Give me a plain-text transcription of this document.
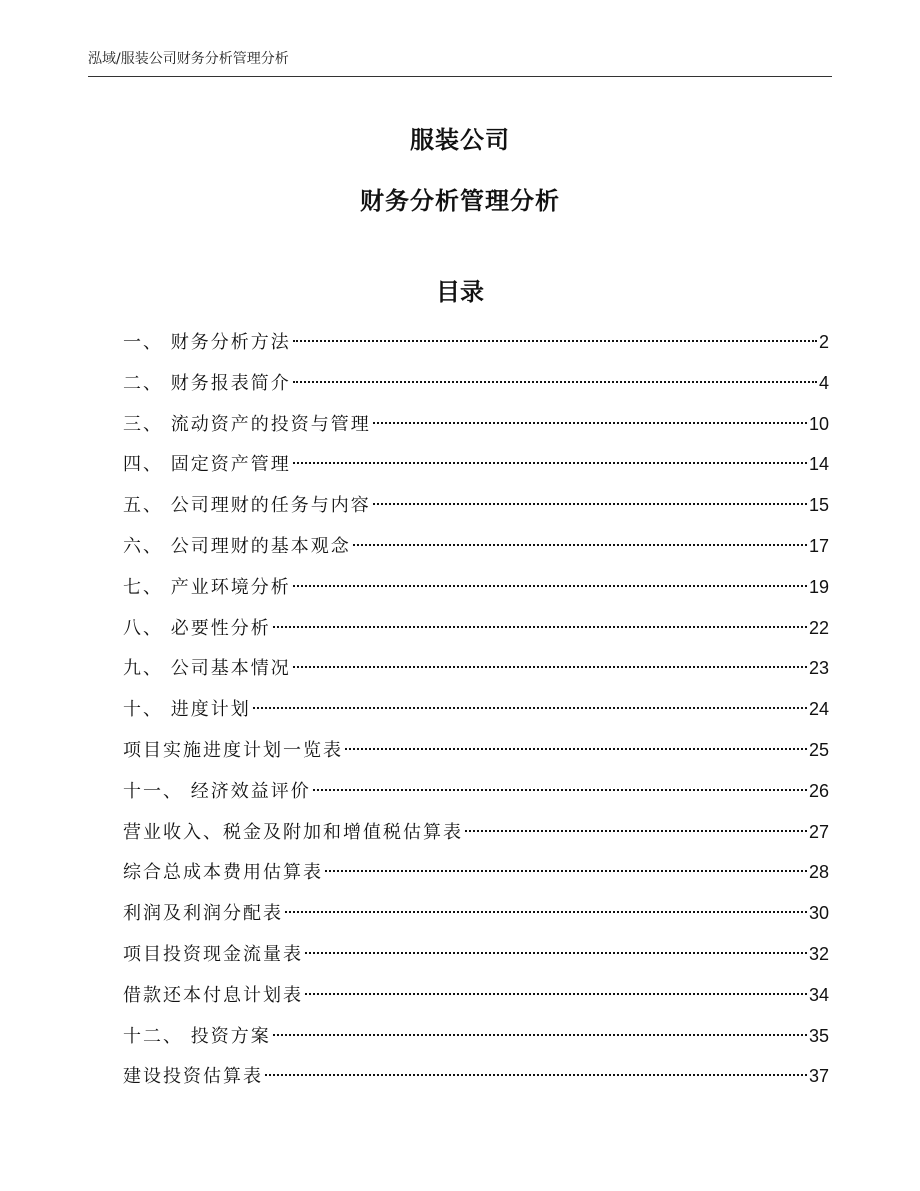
泓域/服装公司财务分析管理分析
服装公司
财务分析管理分析
目录
一、 财务分析方法	2
二、 财务报表简介	4
三、 流动资产的投资与管理	10
四、 固定资产管理	14
五、 公司理财的任务与内容	15
六、 公司理财的基本观念	17
七、 产业环境分析	19
八、 必要性分析	22
九、 公司基本情况	23
十、 进度计划	24
项目实施进度计划一览表	25
十一、 经济效益评价	26
营业收入、税金及附加和增值税估算表	27
综合总成本费用估算表	28
利润及利润分配表	30
项目投资现金流量表	32
借款还本付息计划表	34
十二、 投资方案	35
建设投资估算表	37
